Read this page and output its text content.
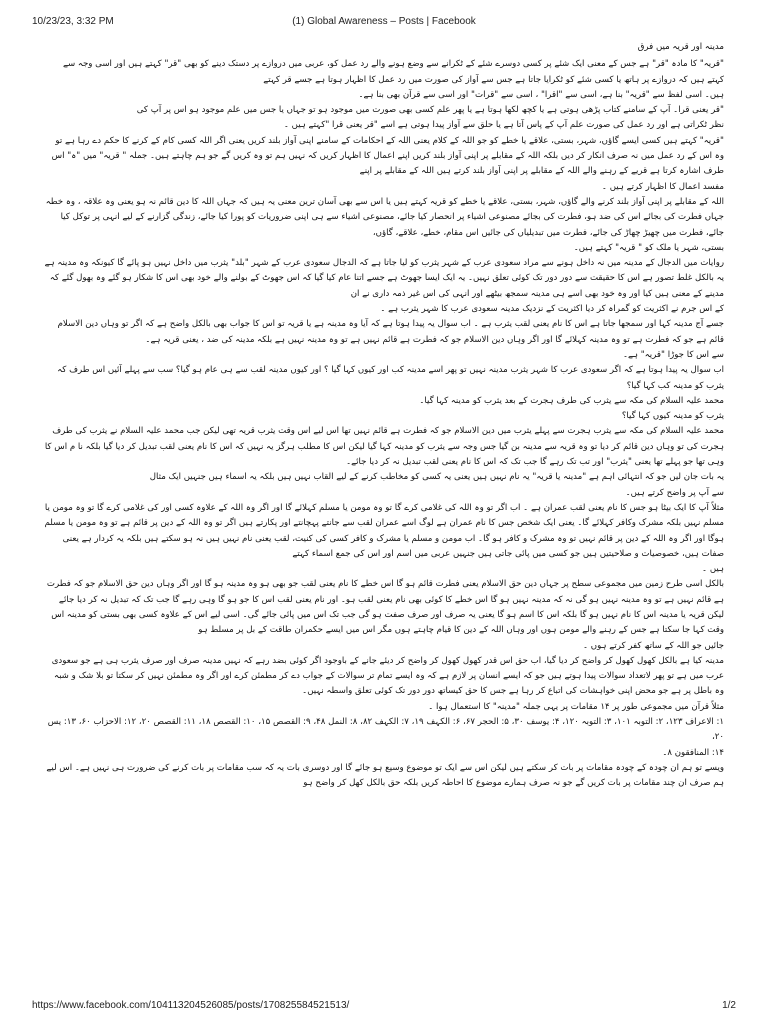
10/23/23, 3:32 PM	(1) Global Awareness – Posts | Facebook

مدینہ اور قریہ میں فرق

"قریہ" کا مادہ "قر" ہے جس کے معنی ایک شئے پر کسی دوسرے شئے کے ٹکرانے سے وضع ہونے والے رد عمل کو، عربی میں دروازے پر دستک دینے کو بھی "قر" کہتے ہیں اور اسی وجہ سے کہتے ہیں کہ دروازے پر ہاتھ یا کسی شئے کو ٹکرایا جاتا ہے جس سے آواز کی صورت میں رد عمل کا اظہار ہوتا ہے جسے قر کہتے

ہیں۔ اسی لفظ سے "قریہ" بنا ہے، اسی سے "اقرا" ، اسی سے "قرات" اور اسی سے قرآن بھی بنا ہے۔

"قر یعنی قرا۔ آپ کے سامنے کتاب پڑھی ہوتی ہے یا کچھ لکھا ہوتا ہے یا پھر علم کسی بھی صورت میں موجود ہو تو جہاں یا جس میں علم موجود ہو اس پر آپ کی

نظر ٹکراتی ہے اور رد عمل کی صورت علم آپ کے پاس آتا ہے یا حلق سے آواز پیدا ہوتی ہے اسے "قر یعنی قرا "کہتے ہیں ۔

"قریہ" کہتے ہیں کسی ایسے گاؤں، شہر، بستی، علاقے یا خطے کو جو اللہ کے کلام یعنی اللہ کے احکامات کے سامنے اپنی آواز بلند کریں یعنی اگر اللہ کسی کام کے کرنے کا حکم دے رہا ہے تو وہ اس کے رد عمل میں نہ صرف انکار کر دیں بلکہ اللہ کے مقابلے پر اپنی آواز بلند کریں اپنے اعمال کا اظہار کریں کہ نہیں ہم تو وہ کریں گے جو ہم چاہتے ہیں۔ جملہ " قریہ" میں "ہ" اس طرف اشارہ کرتا ہے قریے کے رہنے والے اللہ کے مقابلے پر اپنی آواز بلند کرتے ہیں اللہ کے مقابلے پر اپنے

مفسد اعمال کا اظہار کرتے ہیں ۔

اللہ کے مقابلے پر اپنی آواز بلند کرنے والے گاؤں، شہر، بستی، علاقے یا خطے کو قریہ کہتے ہیں یا اس سے بھی آسان ترین معنی یہ ہیں کہ جہاں اللہ کا دین قائم نہ ہو یعنی وہ علاقہ ، وہ خطہ جہاں فطرت کی بجائے اس کی ضد ہو، فطرت کی بجائے مصنوعی اشیاء پر انحصار کیا جائے، مصنوعی اشیاء سے ہی اپنی ضروریات کو پورا کیا جائے، زندگی گزارنے کے لیے انہی پر توکل کیا جائے، فطرت میں چھیڑ چھاڑ کی جائے، فطرت میں تبدیلیاں کی جائیں اس مقام، خطے، علاقے، گاؤں،

بستی، شہر یا ملک کو " قریہ" کہتے ہیں۔

روایات میں الدجال کے مدینہ میں نہ داخل ہونے سے مراد سعودی عرب کے شہر یثرب کو لیا جاتا ہے کہ الدجال سعودی عرب کے شہر "بلد" یثرب میں داخل نہیں ہو پائے گا کیونکہ وہ مدینہ ہے یہ بالکل غلط تصور ہے اس کا حقیقت سے دور دور تک کوئی تعلق نہیں۔ یہ ایک ایسا جھوٹ ہے جسے اتنا عام کیا گیا کہ اس جھوٹ کے بولنے والے خود بھی اس کا شکار ہو گئے وہ بھول گئے کہ مدینے کے معنی ہیں کیا اور وہ خود بھی اسے ہی مدینہ سمجھ بیٹھے اور انہی کی اس غیر ذمہ داری نے ان

کے اس جرم نے اکثریت کو گمراہ کر دیا اکثریت کے نزدیک مدینہ سعودی عرب کا شہر یثرب ہے ۔

جسے آج مدینہ کہا اور سمجھا جاتا ہے اس کا نام یعنی لقب یثرب ہے ۔ اب سوال یہ پیدا ہوتا ہے کہ آیا وہ مدینہ ہے یا قریہ تو اس کا جواب بھی بالکل واضح ہے کہ اگر تو وہاں دین الاسلام قائم ہے جو کہ فطرت ہے تو وہ مدینہ کہلائے گا اور اگر وہاں دین الاسلام جو کہ فطرت ہے قائم نہیں ہے تو وہ مدینہ نہیں ہے بلکہ مدینہ کی ضد ، یعنی قریہ ہے۔

سے اس کا جوڑا "قریہ" ہے۔

اب سوال یہ پیدا ہوتا ہے کہ اگر سعودی عرب کا شہر یثرب مدینہ نہیں تو پھر اسے مدینہ کب اور کیوں کہا گیا ؟ اور کیوں مدینہ لقب سے ہی عام ہو گیا؟ سب سے پہلے آئیں اس طرف کہ یثرب کو مدینہ کب کہا گیا؟

محمد علیہ السلام کی مکہ سے یثرب کی طرف ہجرت کے بعد یثرب کو مدینہ کہا گیا۔

یثرب کو مدینہ کیوں کہا گیا؟

محمد علیہ السلام کی مکہ سے یثرب ہجرت سے پہلے یثرب میں دین الاسلام جو کہ فطرت ہے قائم نہیں تھا اس لیے اس وقت یثرب قریہ تھی لیکن جب محمد علیہ السلام نے یثرب کی طرف ہجرت کی تو وہاں دین قائم کر دیا تو وہ قریہ سے مدینہ بن گیا جس وجہ سے یثرب کو مدینہ کہا گیا لیکن اس کا مطلب ہرگز یہ نہیں کہ اس کا نام یعنی لقب تبدیل کر دیا گیا بلکہ نا م اس کا وہی تھا جو پہلے تھا یعنی "یثرب" اور تب تک رہے گا جب تک کہ اس کا نام یعنی لقب تبدیل نہ کر دیا جائے۔

یہ بات جان لیں جو کہ انتہائی اہم ہے "مدینہ یا قریہ" یہ نام نہیں ہیں یعنی یہ کسی کو مخاطب کرنے کے لیے القاب نہیں ہیں بلکہ یہ اسماء ہیں جنہیں ایک مثال

سے آپ پر واضح کرتے ہیں۔

مثلاً آپ کا ایک بیٹا ہو جس کا نام یعنی لقب عمران ہے ۔ اب اگر تو وہ اللہ کی غلامی کرے گا تو وہ مومن یا مسلم کہلائے گا اور اگر وہ اللہ کے علاوہ کسی اور کی غلامی کرے گا تو وہ مومن یا مسلم نہیں بلکہ مشرک وکافر کہلائے گا۔ یعنی ایک شخص جس کا نام عمران ہے لوگ اسے عمران لقب سے جانتے پہچانتے اور پکارتے ہیں اگر تو وہ اللہ کے دین پر قائم ہے تو وہ مومن یا مسلم ہوگا اور اگر وہ اللہ کے دین پر قائم نہیں تو وہ مشرک و کافر ہو گا۔ اب مومن و مسلم یا مشرک و کافر کسی کی کنیت، لقب یعنی نام نہیں ہیں نہ ہو سکتے ہیں بلکہ یہ کردار ہے یعنی صفات ہیں، خصوصیات و صلاحیتیں ہیں جو کسی میں پائی جاتی ہیں جنہیں عربی میں اسم اور اس کی جمع اسماء کہتے

ہیں ۔

بالکل اسی طرح زمین میں مجموعی سطح پر جہاں دین حق الاسلام یعنی فطرت قائم ہو گا اس خطے کا نام یعنی لقب جو بھی ہو وہ مدینہ ہو گا اور اگر وہاں دین حق الاسلام جو کہ فطرت ہے قائم نہیں ہے تو وہ مدینہ نہیں ہو گی نہ کہ مدینہ نہیں ہو گا اس خطے کا کوئی بھی نام یعنی لقب ہو۔ اور نام یعنی لقب اس کا جو ہو گا وہی رہے گا جب تک کہ تبدیل نہ کر دیا جائے لیکن قریہ یا مدینہ اس کا نام نہیں ہو گا بلکہ اس کا اسم ہو گا یعنی یہ صرف اور صرف صفت ہو گی جب تک اس میں پائی جائے گی۔ اسی لیے اس کے علاوہ کسی بھی بستی کو مدینہ اس وقت کہا جا سکتا ہے جس کے رہنے والے مومن ہوں اور وہاں اللہ کے دین کا قیام چاہتے ہوں مگر اس میں ایسے حکمران طاقت کے بل پر مسلط ہو

جائیں جو اللہ کے ساتھ کفر کرتے ہوں ۔

مدینہ کیا ہے بالکل کھول کھول کر واضح کر دیا گیا، اب حق اس قدر کھول کھول کر واضح کر دیئے جانے کے باوجود اگر کوئی بضد رہے کہ نہیں مدینہ صرف اور صرف یثرب ہی ہے جو سعودی عرب میں ہے تو پھر لاتعداد سوالات پیدا ہوتے ہیں جو کہ ایسے انسان پر لازم ہے کہ وہ ایسے تمام تر سوالات کے جواب دے کر مطمئن کرے اور اگر وہ مطمئن نہیں کر سکتا تو بلا شک و شبہ وہ باطل پر ہے جو محض اپنی خواہشات کی اتباع کر رہا ہے جس کا حق کیساتھ دور دور تک کوئی تعلق واسطہ نہیں۔

مثلاً قرآن میں مجموعی طور پر ۱۴ مقامات پر یہی جملہ "مدینہ" کا استعمال ہوا ۔

۱: الاعراف ۱۲۳، ۲: التوبہ ۱۰۱، ۳: التوبہ ۱۲۰، ۴: یوسف ۳۰، ۵: الحجر ۶۷، ۶: الکہف ۱۹، ۷: الکہف ۸۲، ۸: النمل ۴۸، ۹: القصص ۱۵، ۱۰: القصص ۱۸، ۱۱: القصص ۲۰، ۱۲: الاحزاب ۶۰، ۱۳: یس ۲۰،

۱۴: المنافقون ۸۔

ویسے تو ہم ان چودہ کے چودہ مقامات پر بات کر سکتے ہیں لیکن اس سے ایک تو موضوع وسیع ہو جائے گا اور دوسری بات یہ کہ سب مقامات پر بات کرنے کی ضرورت ہی نہیں ہے۔ اس لیے ہم صرف ان چند مقامات پر بات کریں گے جو نہ صرف ہمارے موضوع کا احاطہ کریں بلکہ حق بالکل کھل کر واضح ہو

https://www.facebook.com/104113204526085/posts/170825584521513/	1/2
